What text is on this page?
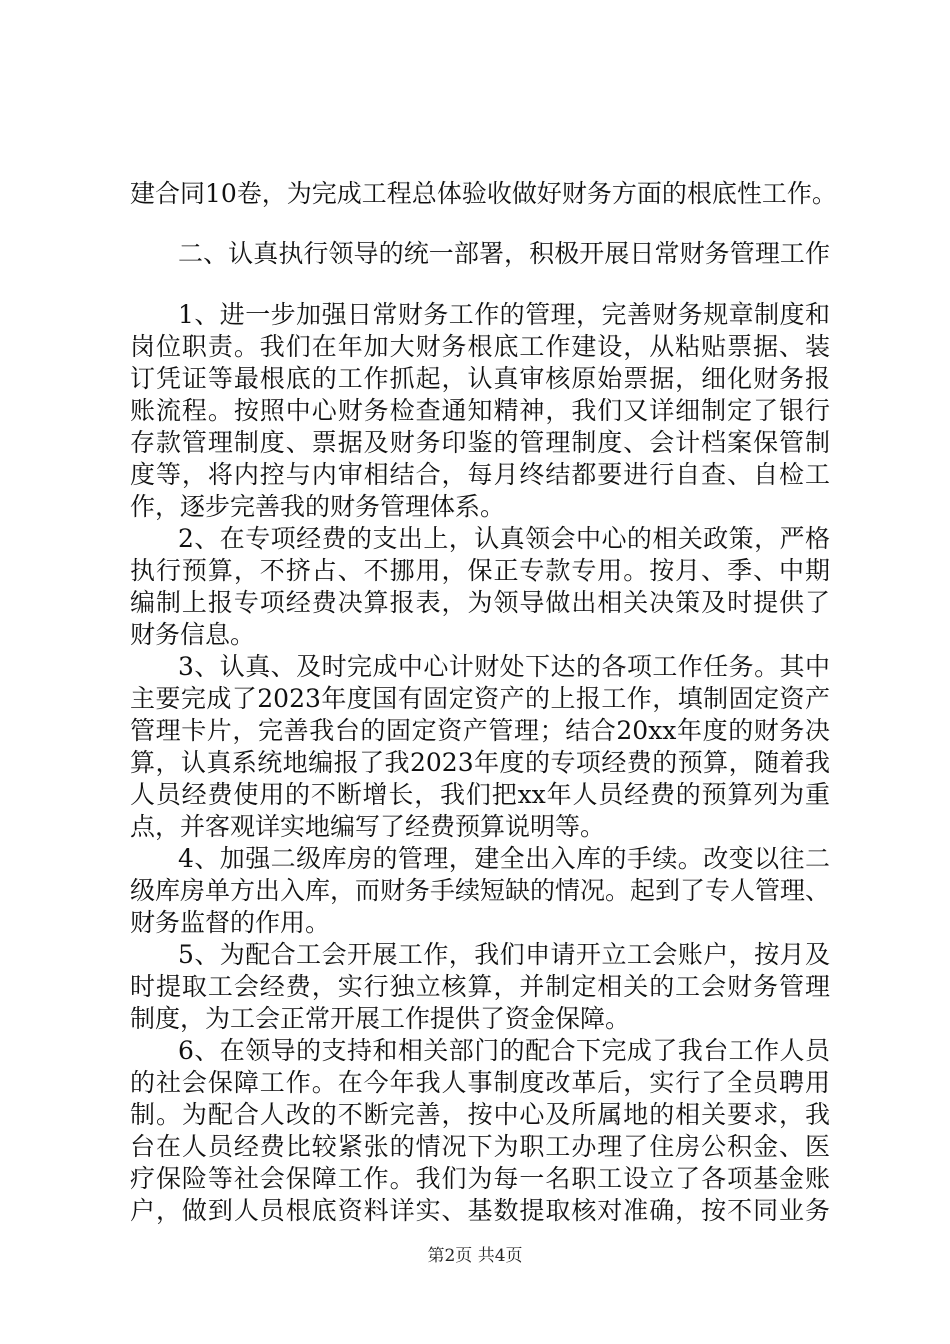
建合同10卷，为完成工程总体验收做好财务方面的根底性工作。
二、认真执行领导的统一部署，积极开展日常财务管理工作
1、进一步加强日常财务工作的管理，完善财务规章制度和
岗位职责。我们在年加大财务根底工作建设，从粘贴票据、装
订凭证等最根底的工作抓起，认真审核原始票据，细化财务报
账流程。按照中心财务检查通知精神，我们又详细制定了银行
存款管理制度、票据及财务印鉴的管理制度、会计档案保管制
度等，将内控与内审相结合，每月终结都要进行自查、自检工
作，逐步完善我的财务管理体系。
2、在专项经费的支出上，认真领会中心的相关政策，严格
执行预算，不挤占、不挪用，保正专款专用。按月、季、中期
编制上报专项经费决算报表，为领导做出相关决策及时提供了
财务信息。
3、认真、及时完成中心计财处下达的各项工作任务。其中
主要完成了2023年度国有固定资产的上报工作，填制固定资产
管理卡片，完善我台的固定资产管理；结合20xx年度的财务决
算，认真系统地编报了我2023年度的专项经费的预算，随着我
人员经费使用的不断增长，我们把xx年人员经费的预算列为重
点，并客观详实地编写了经费预算说明等。
4、加强二级库房的管理，建全出入库的手续。改变以往二
级库房单方出入库，而财务手续短缺的情况。起到了专人管理、
财务监督的作用。
5、为配合工会开展工作，我们申请开立工会账户，按月及
时提取工会经费，实行独立核算，并制定相关的工会财务管理
制度，为工会正常开展工作提供了资金保障。
6、在领导的支持和相关部门的配合下完成了我台工作人员
的社会保障工作。在今年我人事制度改革后，实行了全员聘用
制。为配合人改的不断完善，按中心及所属地的相关要求，我
台在人员经费比较紧张的情况下为职工办理了住房公积金、医
疗保险等社会保障工作。我们为每一名职工设立了各项基金账
户，做到人员根底资料详实、基数提取核对准确，按不同业务
第2页 共4页
